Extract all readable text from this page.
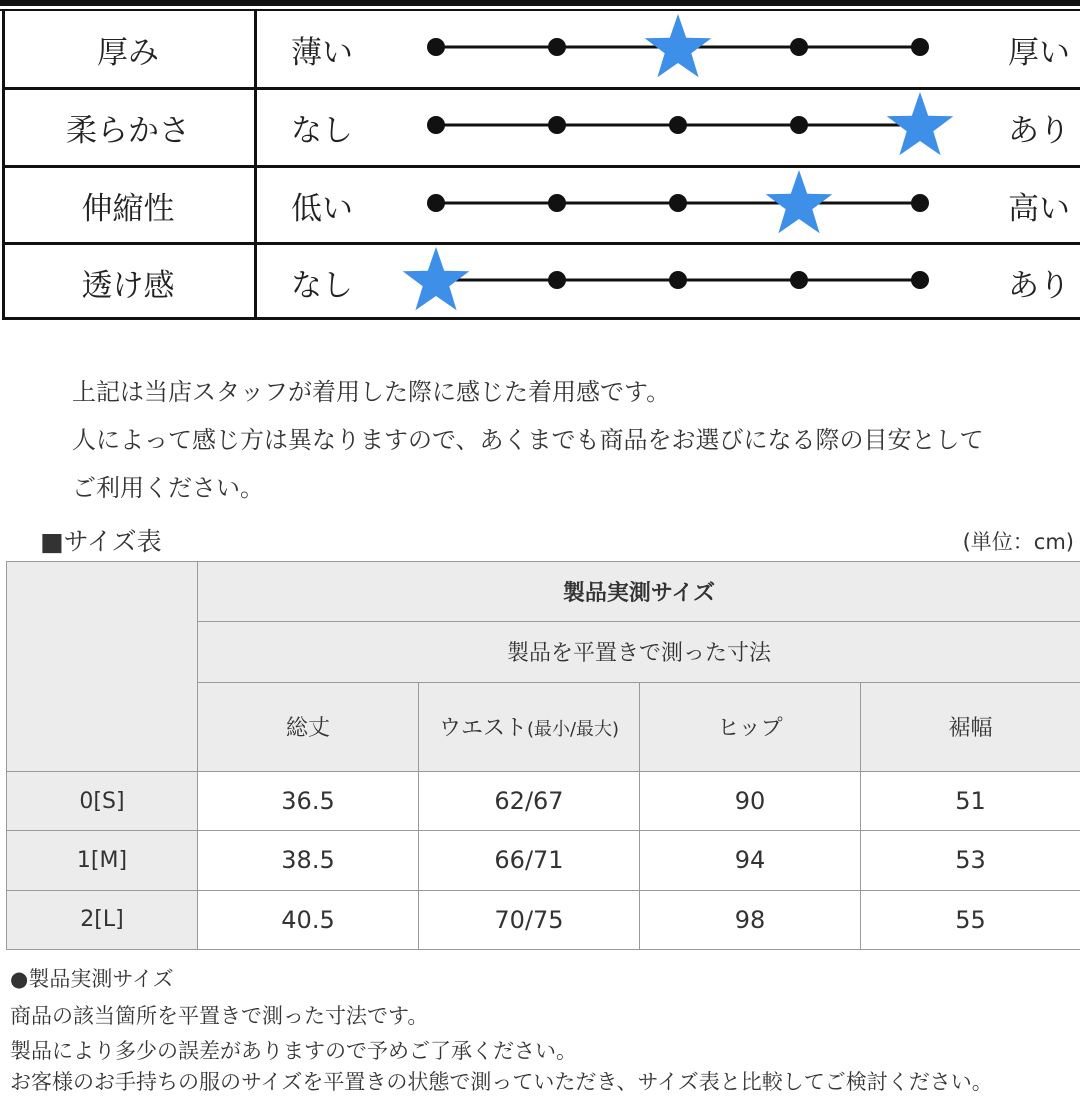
厚み	薄い	厚い
柔らかさ	なし	あり
伸縮性	低い	高い
透け感	なし	あり
上記は当店スタッフが着用した際に感じた着用感です。
人によって感じ方は異なりますので、あくまでも商品をお選びになる際の目安として
ご利用ください。
■サイズ表	(単位：cm)
	製品実測サイズ			
	製品を平置きで測った寸法			
	総丈	ウエスト(最小/最大)	ヒップ	裾幅
0[S]	36.5	62/67	90	51
1[M]	38.5	66/71	94	53
2[L]	40.5	70/75	98	55
●製品実測サイズ
商品の該当箇所を平置きで測った寸法です。
製品により多少の誤差がありますので予めご了承ください。
お客様のお手持ちの服のサイズを平置きの状態で測っていただき、サイズ表と比較してご検討ください。
